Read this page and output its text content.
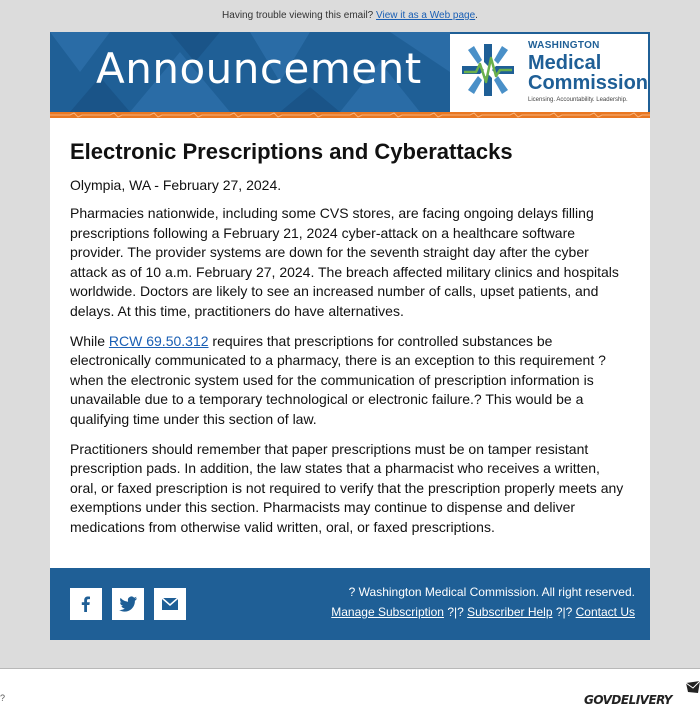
Having trouble viewing this email? View it as a Web page.
Announcement	WASHINGTON
Medical
Commission
Licensing. Accountability. Leadership.
Electronic Prescriptions and Cyberattacks

Olympia, WA - February 27, 2024.

Pharmacies nationwide, including some CVS stores, are facing ongoing delays filling prescriptions following a February 21, 2024 cyber-attack on a healthcare software provider. The provider systems are down for the seventh straight day after the cyber attack as of 10 a.m. February 27, 2024. The breach affected military clinics and hospitals worldwide. Doctors are likely to see an increased number of calls, upset patients, and delays. At this time, practitioners do have alternatives.

While RCW 69.50.312 requires that prescriptions for controlled substances be electronically communicated to a pharmacy, there is an exception to this requirement ?when the electronic system used for the communication of prescription information is unavailable due to a temporary technological or electronic failure.? This would be a qualifying time under this section of law.

Practitioners should remember that paper prescriptions must be on tamper resistant prescription pads. In addition, the law states that a pharmacist who receives a written, oral, or faxed prescription is not required to verify that the prescription properly meets any exemptions under this section. Pharmacists may continue to dispense and deliver medications from otherwise valid written, oral, or faxed prescriptions.

? Washington Medical Commission. All right reserved.
Manage Subscription ?|? Subscriber Help ?|? Contact Us
?	govdelivery
